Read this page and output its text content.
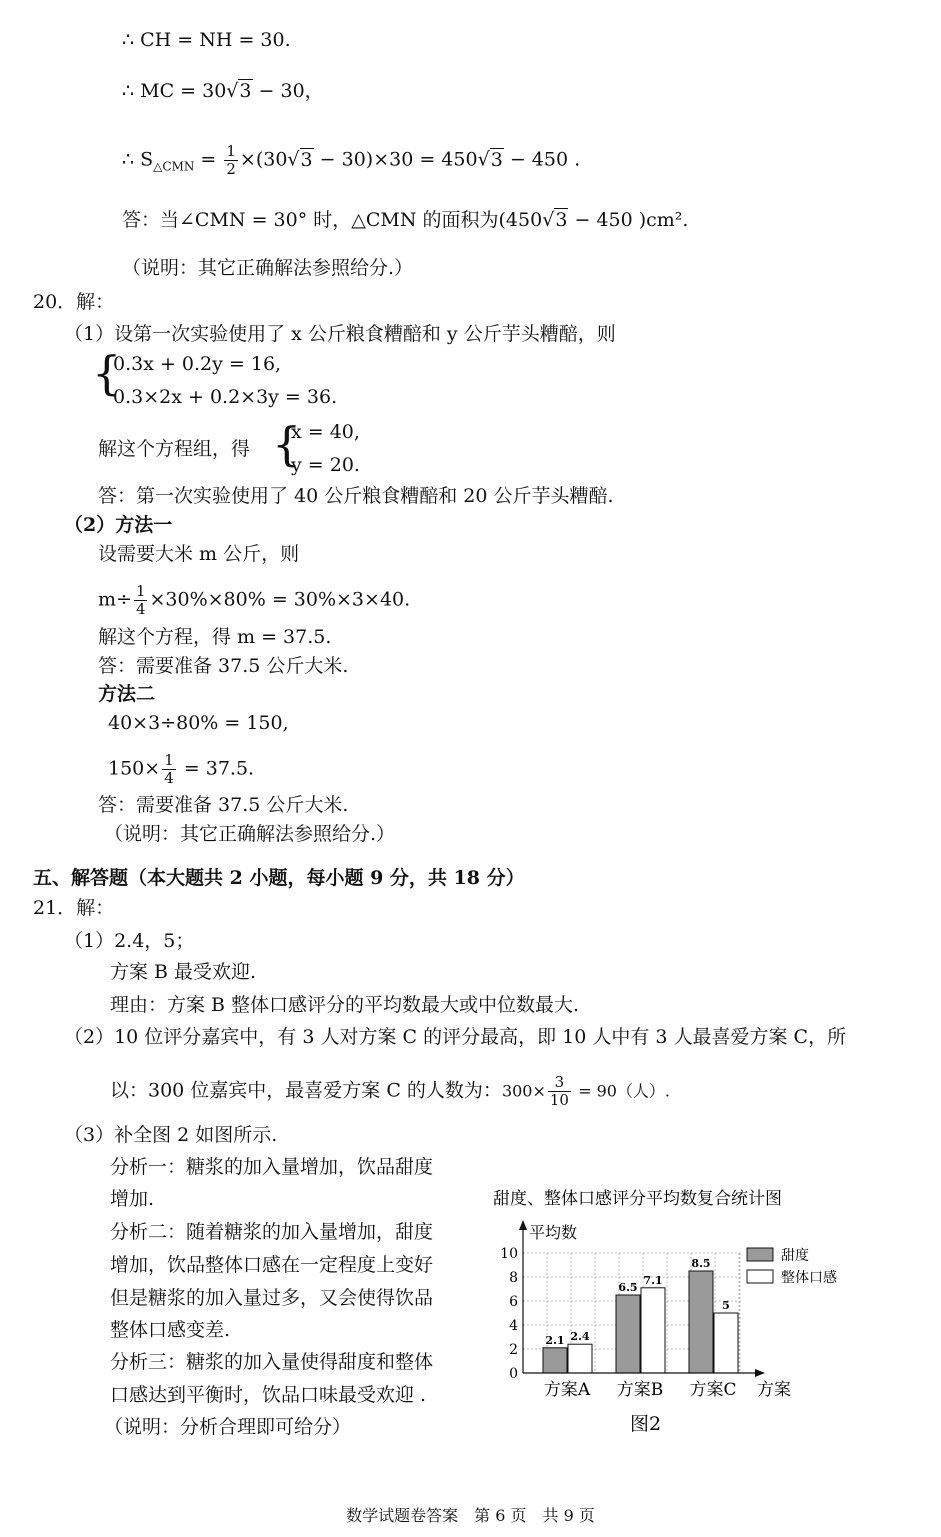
∴ CH = NH = 30.
∴ MC = 30√3 − 30，
∴ $S_{\triangle CMN} = \frac{1}{2} \times(30√3 - 30)\times 30 = 450√3 - 450$ .
答：当∠CMN = 30° 时，△CMN 的面积为(450√3 − 450 )cm².
（说明：其它正确解法参照给分.）
20．解：
（1）设第一次实验使用了 x 公斤粮食糟醅和 y 公斤芋头糟醅，则
{
0.3x + 0.2y = 16,
0.3×2x + 0.2×3y = 36.
解这个方程组，得 {
x = 40,
y = 20.
答：第一次实验使用了 40 公斤粮食糟醅和 20 公斤芋头糟醅.
（2）方法一
设需要大米 m 公斤，则
$m\div \frac{1}{4} \times 30\%\times 80\% = 30\%\times 3\times 40$.
解这个方程，得 m = 37.5.
答：需要准备 37.5 公斤大米.
方法二
40×3÷80% = 150,
$150\times \frac{1}{4} = 37.5$.
答：需要准备 37.5 公斤大米.
（说明：其它正确解法参照给分.）
五、解答题（本大题共 2 小题，每小题 9 分，共 18 分）
21．解：
（1）2.4，5；
方案 B 最受欢迎.
理由：方案 B 整体口感评分的平均数最大或中位数最大.
（2）10 位评分嘉宾中，有 3 人对方案 C 的评分最高，即 10 人中有 3 人最喜爱方案 C，所
以：300 位嘉宾中，最喜爱方案 C 的人数为：$300\times \frac{3}{10} = 90$（人）.
（3）补全图 2 如图所示.
分析一：糖浆的加入量增加，饮品甜度
增加.
分析二：随着糖浆的加入量增加，甜度
增加，饮品整体口感在一定程度上变好
但是糖浆的加入量过多，又会使得饮品
整体口感变差.
分析三：糖浆的加入量使得甜度和整体
口感达到平衡时，饮品口味最受欢迎 .
（说明：分析合理即可给分）
甜度、整体口感评分平均数复合统计图
平均数
2.1 2.4
6.5
7.1
8.5
5
0
2
4
6
8
10
方案A 方案B 方案C 方案
甜度
整体口感
图2
数学试题卷答案　第 6 页　共 9 页
